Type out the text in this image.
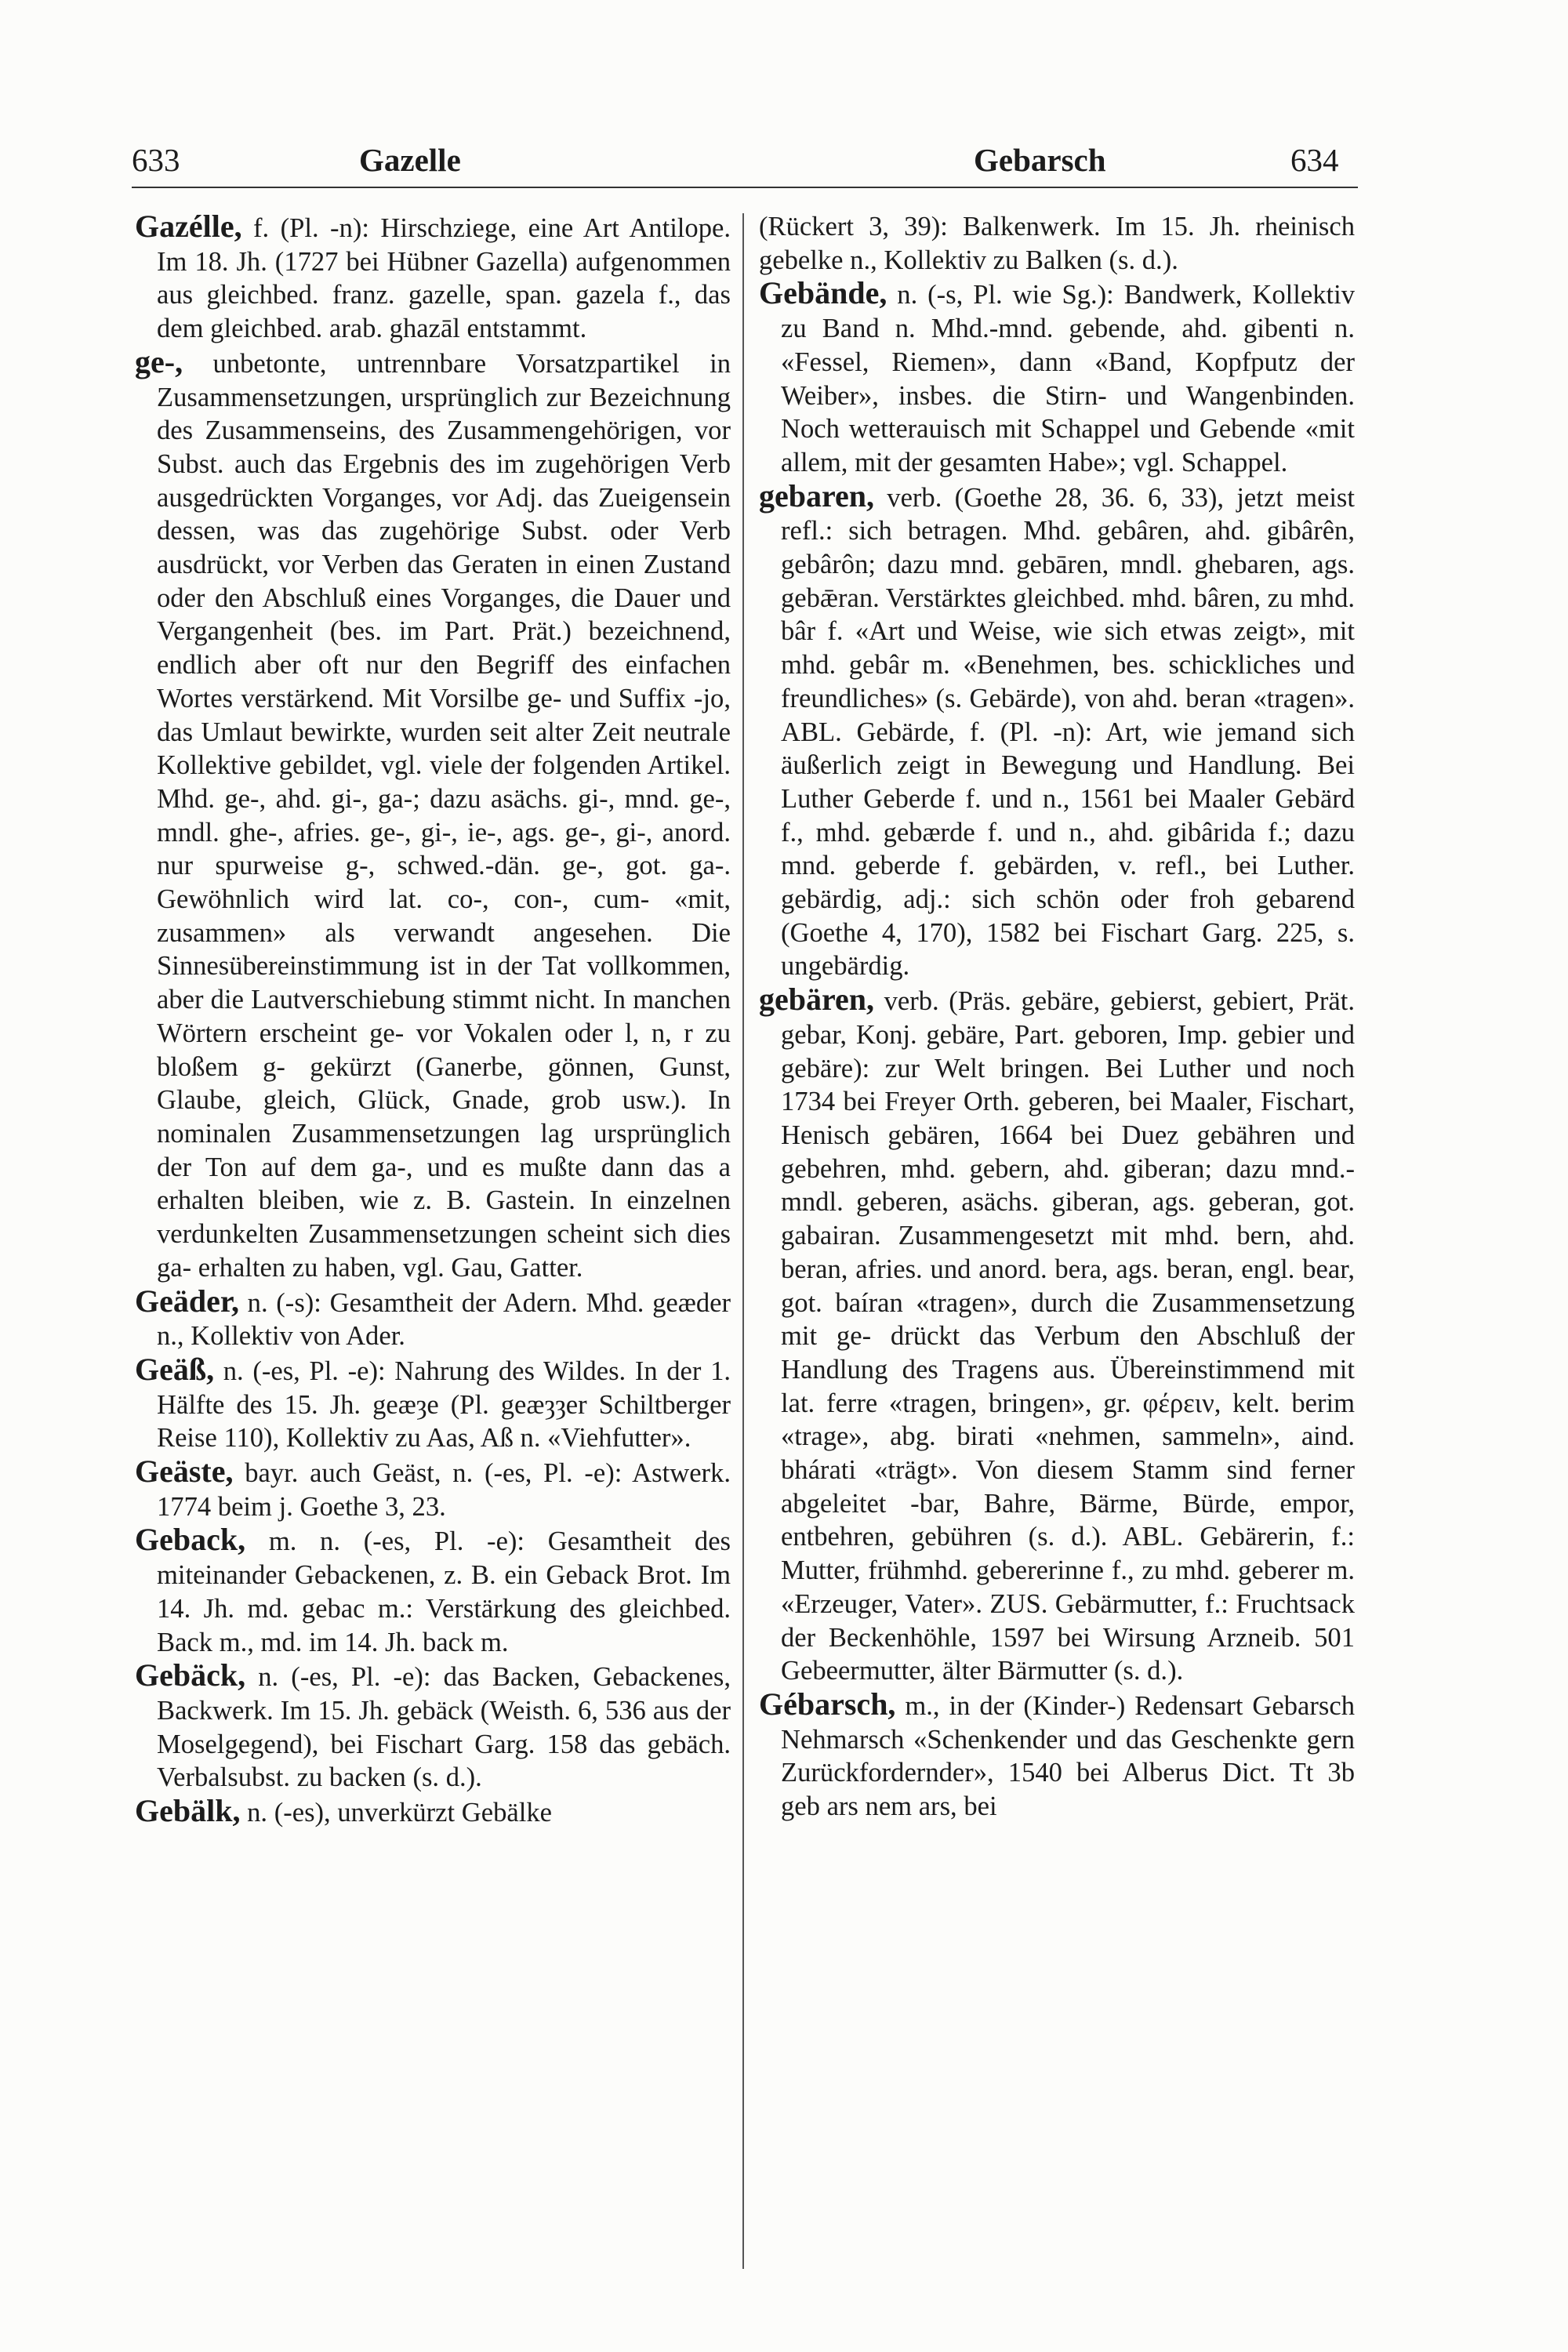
633	Gazelle	Gebarsch	634

Gazélle, f. (Pl. -n): Hirschziege, eine Art Antilope. Im 18. Jh. (1727 bei Hübner Gazella) aufgenommen aus gleichbed. franz. gazelle, span. gazela f., das dem gleichbed. arab. ghazāl entstammt.

ge-, unbetonte, untrennbare Vorsatzpartikel in Zusammensetzungen, ursprünglich zur Bezeichnung des Zusammenseins, des Zusammengehörigen, vor Subst. auch das Ergebnis des im zugehörigen Verb ausgedrückten Vorganges, vor Adj. das Zueigensein dessen, was das zugehörige Subst. oder Verb ausdrückt, vor Verben das Geraten in einen Zustand oder den Abschluß eines Vorganges, die Dauer und Vergangenheit (bes. im Part. Prät.) bezeichnend, endlich aber oft nur den Begriff des einfachen Wortes verstärkend. Mit Vorsilbe ge- und Suffix -jo, das Umlaut bewirkte, wurden seit alter Zeit neutrale Kollektive gebildet, vgl. viele der folgenden Artikel. Mhd. ge-, ahd. gi-, ga-; dazu asächs. gi-, mnd. ge-, mndl. ghe-, afries. ge-, gi-, ie-, ags. ge-, gi-, anord. nur spurweise g-, schwed.-dän. ge-, got. ga-. Gewöhnlich wird lat. co-, con-, cum- «mit, zusammen» als verwandt angesehen. Die Sinnesübereinstimmung ist in der Tat vollkommen, aber die Lautverschiebung stimmt nicht. In manchen Wörtern erscheint ge- vor Vokalen oder l, n, r zu bloßem g- gekürzt (Ganerbe, gönnen, Gunst, Glaube, gleich, Glück, Gnade, grob usw.). In nominalen Zusammensetzungen lag ursprünglich der Ton auf dem ga-, und es mußte dann das a erhalten bleiben, wie z. B. Gastein. In einzelnen verdunkelten Zusammensetzungen scheint sich dies ga- erhalten zu haben, vgl. Gau, Gatter.

Geäder, n. (-s): Gesamtheit der Adern. Mhd. geæder n., Kollektiv von Ader.

Geäß, n. (-es, Pl. -e): Nahrung des Wildes. In der 1. Hälfte des 15. Jh. geæȝe (Pl. geæȝȝer Schiltberger Reise 110), Kollektiv zu Aas, Aß n. «Viehfutter».

Geäste, bayr. auch Geäst, n. (-es, Pl. -e): Astwerk. 1774 beim j. Goethe 3, 23.

Geback, m. n. (-es, Pl. -e): Gesamtheit des miteinander Gebackenen, z. B. ein Geback Brot. Im 14. Jh. md. gebac m.: Verstärkung des gleichbed. Back m., md. im 14. Jh. back m.

Gebäck, n. (-es, Pl. -e): das Backen, Gebackenes, Backwerk. Im 15. Jh. gebäck (Weisth. 6, 536 aus der Moselgegend), bei Fischart Garg. 158 das gebäch. Verbalsubst. zu backen (s. d.).

Gebälk, n. (-es), unverkürzt Gebälke

(Rückert 3, 39): Balkenwerk. Im 15. Jh. rheinisch gebelke n., Kollektiv zu Balken (s. d.).

Gebände, n. (-s, Pl. wie Sg.): Bandwerk, Kollektiv zu Band n. Mhd.-mnd. gebende, ahd. gibenti n. «Fessel, Riemen», dann «Band, Kopfputz der Weiber», insbes. die Stirn- und Wangenbinden. Noch wetterauisch mit Schappel und Gebende «mit allem, mit der gesamten Habe»; vgl. Schappel.

gebaren, verb. (Goethe 28, 36. 6, 33), jetzt meist refl.: sich betragen. Mhd. gebâren, ahd. gibârên, gebârôn; dazu mnd. gebāren, mndl. ghebaren, ags. gebǣran. Verstärktes gleichbed. mhd. bâren, zu mhd. bâr f. «Art und Weise, wie sich etwas zeigt», mit mhd. gebâr m. «Benehmen, bes. schickliches und freundliches» (s. Gebärde), von ahd. beran «tragen». ABL. Gebärde, f. (Pl. -n): Art, wie jemand sich äußerlich zeigt in Bewegung und Handlung. Bei Luther Geberde f. und n., 1561 bei Maaler Gebärd f., mhd. gebærde f. und n., ahd. gibârida f.; dazu mnd. geberde f. gebärden, v. refl., bei Luther. gebärdig, adj.: sich schön oder froh gebarend (Goethe 4, 170), 1582 bei Fischart Garg. 225, s. ungebärdig.

gebären, verb. (Präs. gebäre, gebierst, gebiert, Prät. gebar, Konj. gebäre, Part. geboren, Imp. gebier und gebäre): zur Welt bringen. Bei Luther und noch 1734 bei Freyer Orth. geberen, bei Maaler, Fischart, Henisch gebären, 1664 bei Duez gebähren und gebehren, mhd. gebern, ahd. giberan; dazu mnd.-mndl. geberen, asächs. giberan, ags. geberan, got. gabairan. Zusammengesetzt mit mhd. bern, ahd. beran, afries. und anord. bera, ags. beran, engl. bear, got. baíran «tragen», durch die Zusammensetzung mit ge- drückt das Verbum den Abschluß der Handlung des Tragens aus. Übereinstimmend mit lat. ferre «tragen, bringen», gr. φέρειν, kelt. berim «trage», abg. birati «nehmen, sammeln», aind. bhárati «trägt». Von diesem Stamm sind ferner abgeleitet -bar, Bahre, Bärme, Bürde, empor, entbehren, gebühren (s. d.). ABL. Gebärerin, f.: Mutter, frühmhd. gebererinne f., zu mhd. geberer m. «Erzeuger, Vater». ZUS. Gebärmutter, f.: Fruchtsack der Beckenhöhle, 1597 bei Wirsung Arzneib. 501 Gebeermutter, älter Bärmutter (s. d.).

Gébarsch, m., in der (Kinder-) Redensart Gebarsch Nehmarsch «Schenkender und das Geschenkte gern Zurückfordernder», 1540 bei Alberus Dict. Tt 3b geb ars nem ars, bei
